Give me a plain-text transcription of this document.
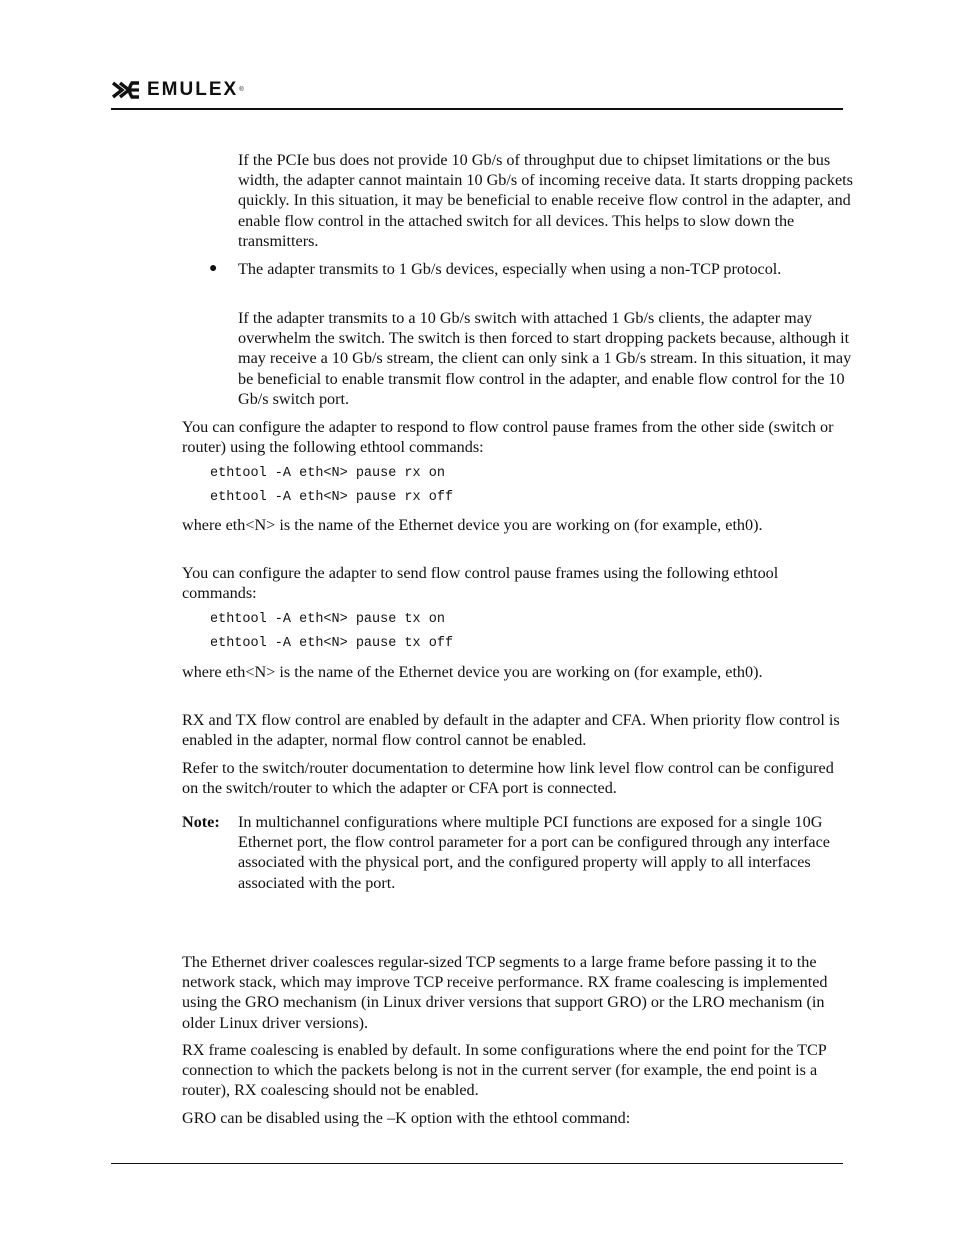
EMULEX ®

If the PCIe bus does not provide 10 Gb/s of throughput due to chipset limitations or the bus width, the adapter cannot maintain 10 Gb/s of incoming receive data. It starts dropping packets quickly. In this situation, it may be beneficial to enable receive flow control in the adapter, and enable flow control in the attached switch for all devices. This helps to slow down the transmitters.

● The adapter transmits to 1 Gb/s devices, especially when using a non-TCP protocol.

If the adapter transmits to a 10 Gb/s switch with attached 1 Gb/s clients, the adapter may overwhelm the switch. The switch is then forced to start dropping packets because, although it may receive a 10 Gb/s stream, the client can only sink a 1 Gb/s stream. In this situation, it may be beneficial to enable transmit flow control in the adapter, and enable flow control for the 10 Gb/s switch port.

You can configure the adapter to respond to flow control pause frames from the other side (switch or router) using the following ethtool commands:

ethtool -A eth<N> pause rx on
ethtool -A eth<N> pause rx off

where eth<N> is the name of the Ethernet device you are working on (for example, eth0).

You can configure the adapter to send flow control pause frames using the following ethtool commands:

ethtool -A eth<N> pause tx on
ethtool -A eth<N> pause tx off

where eth<N> is the name of the Ethernet device you are working on (for example, eth0).

RX and TX flow control are enabled by default in the adapter and CFA. When priority flow control is enabled in the adapter, normal flow control cannot be enabled.

Refer to the switch/router documentation to determine how link level flow control can be configured on the switch/router to which the adapter or CFA port is connected.

Note: In multichannel configurations where multiple PCI functions are exposed for a single 10G Ethernet port, the flow control parameter for a port can be configured through any interface associated with the physical port, and the configured property will apply to all interfaces associated with the port.

The Ethernet driver coalesces regular-sized TCP segments to a large frame before passing it to the network stack, which may improve TCP receive performance. RX frame coalescing is implemented using the GRO mechanism (in Linux driver versions that support GRO) or the LRO mechanism (in older Linux driver versions).

RX frame coalescing is enabled by default. In some configurations where the end point for the TCP connection to which the packets belong is not in the current server (for example, the end point is a router), RX coalescing should not be enabled.

GRO can be disabled using the –K option with the ethtool command:
